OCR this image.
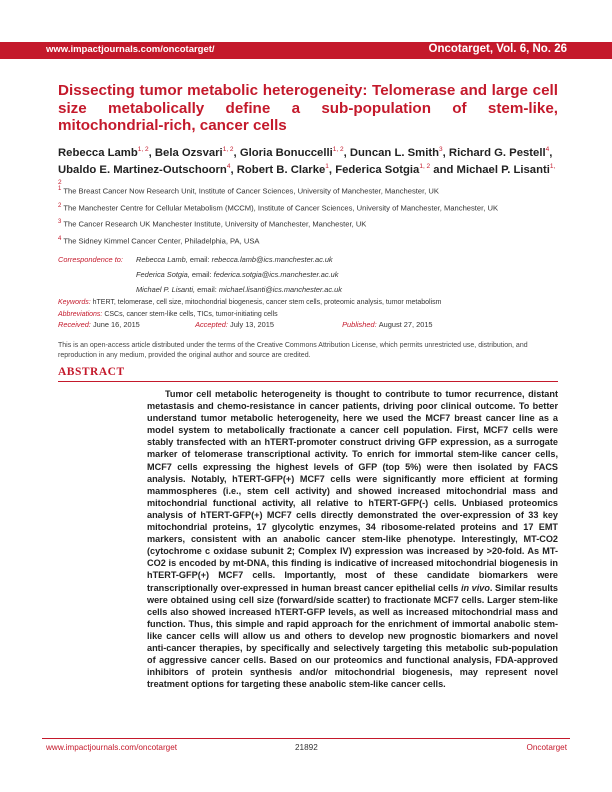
www.impactjournals.com/oncotarget/	Oncotarget, Vol. 6, No. 26
Dissecting tumor metabolic heterogeneity: Telomerase and large cell size metabolically define a sub-population of stem-like, mitochondrial-rich, cancer cells
Rebecca Lamb$^{1, 2}$, Bela Ozsvari$^{1, 2}$, Gloria Bonuccelli$^{1, 2}$, Duncan L. Smith$^3$, Richard G. Pestell$^4$, Ubaldo E. Martinez-Outschoorn$^4$, Robert B. Clarke$^1$, Federica Sotgia$^{1, 2}$ and Michael P. Lisanti$^{1, 2}$
$^1$ The Breast Cancer Now Research Unit, Institute of Cancer Sciences, University of Manchester, Manchester, UK
$^2$ The Manchester Centre for Cellular Metabolism (MCCM), Institute of Cancer Sciences, University of Manchester, Manchester, UK
$^3$ The Cancer Research UK Manchester Institute, University of Manchester, Manchester, UK
$^4$ The Sidney Kimmel Cancer Center, Philadelphia, PA, USA
Correspondence to:	Rebecca Lamb, email: rebecca.lamb@ics.manchester.ac.uk
Federica Sotgia, email: federica.sotgia@ics.manchester.ac.uk
Michael P. Lisanti, email: michael.lisanti@ics.manchester.ac.uk
Keywords: hTERT, telomerase, cell size, mitochondrial biogenesis, cancer stem cells, proteomic analysis, tumor metabolism
Abbreviations: CSCs, cancer stem-like cells, TICs, tumor-initiating cells
Received: June 16, 2015	Accepted: July 13, 2015	Published: August 27, 2015
This is an open-access article distributed under the terms of the Creative Commons Attribution License, which permits unrestricted use, distribution, and reproduction in any medium, provided the original author and source are credited.
ABSTRACT
Tumor cell metabolic heterogeneity is thought to contribute to tumor recurrence, distant metastasis and chemo-resistance in cancer patients, driving poor clinical outcome. To better understand tumor metabolic heterogeneity, here we used the MCF7 breast cancer line as a model system to metabolically fractionate a cancer cell population. First, MCF7 cells were stably transfected with an hTERT-promoter construct driving GFP expression, as a surrogate marker of telomerase transcriptional activity. To enrich for immortal stem-like cancer cells, MCF7 cells expressing the highest levels of GFP (top 5%) were then isolated by FACS analysis. Notably, hTERT-GFP(+) MCF7 cells were significantly more efficient at forming mammospheres (i.e., stem cell activity) and showed increased mitochondrial mass and mitochondrial functional activity, all relative to hTERT-GFP(-) cells. Unbiased proteomics analysis of hTERT-GFP(+) MCF7 cells directly demonstrated the over-expression of 33 key mitochondrial proteins, 17 glycolytic enzymes, 34 ribosome-related proteins and 17 EMT markers, consistent with an anabolic cancer stem-like phenotype. Interestingly, MT-CO2 (cytochrome c oxidase subunit 2; Complex IV) expression was increased by >20-fold. As MT-CO2 is encoded by mt-DNA, this finding is indicative of increased mitochondrial biogenesis in hTERT-GFP(+) MCF7 cells. Importantly, most of these candidate biomarkers were transcriptionally over-expressed in human breast cancer epithelial cells in vivo. Similar results were obtained using cell size (forward/side scatter) to fractionate MCF7 cells. Larger stem-like cells also showed increased hTERT-GFP levels, as well as increased mitochondrial mass and function. Thus, this simple and rapid approach for the enrichment of immortal anabolic stem-like cancer cells will allow us and others to develop new prognostic biomarkers and novel anti-cancer therapies, by specifically and selectively targeting this metabolic sub-population of aggressive cancer cells. Based on our proteomics and functional analysis, FDA-approved inhibitors of protein synthesis and/or mitochondrial biogenesis, may represent novel treatment options for targeting these anabolic stem-like cancer cells.
www.impactjournals.com/oncotarget	21892	Oncotarget
